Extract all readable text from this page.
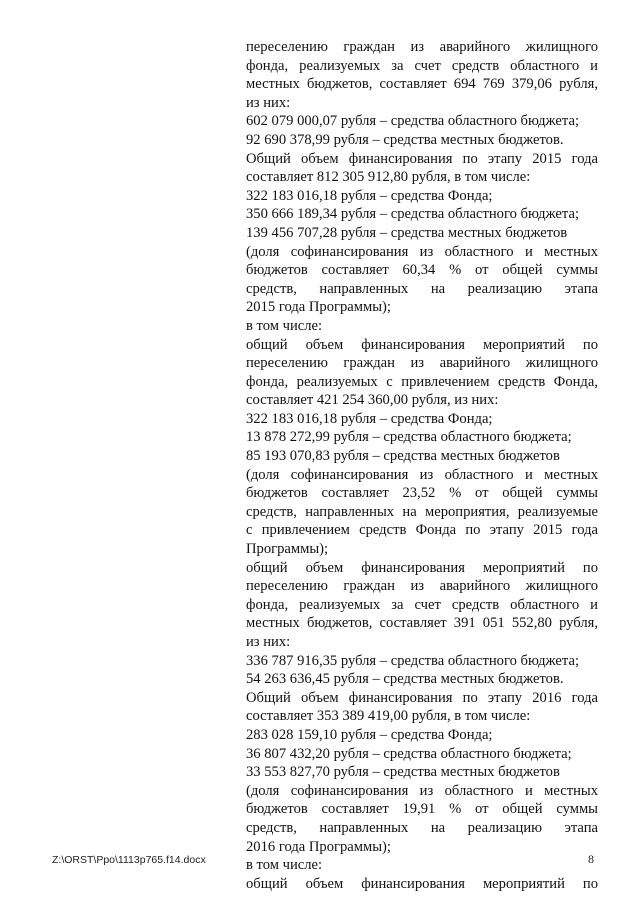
переселению граждан из аварийного жилищного

фонда, реализуемых за счет средств областного и

местных бюджетов, составляет 694 769 379,06 рубля,

из них:

602 079 000,07 рубля – средства областного бюджета;

92 690 378,99 рубля – средства местных бюджетов.

Общий объем финансирования по этапу 2015 года

составляет 812 305 912,80 рубля, в том числе:

322 183 016,18 рубля – средства Фонда;

350 666 189,34 рубля – средства областного бюджета;

139 456 707,28 рубля – средства местных бюджетов

(доля софинансирования из областного и местных

бюджетов составляет 60,34 % от общей суммы

средств, направленных на реализацию этапа

2015 года Программы);

в том числе:

общий объем финансирования мероприятий по

переселению граждан из аварийного жилищного

фонда, реализуемых с привлечением средств Фонда,

составляет 421 254 360,00 рубля, из них:

322 183 016,18 рубля – средства Фонда;

13 878 272,99 рубля – средства областного бюджета;

85 193 070,83 рубля – средства местных бюджетов

(доля софинансирования из областного и местных

бюджетов составляет 23,52 % от общей суммы

средств, направленных на мероприятия, реализуемые

с привлечением средств Фонда по этапу 2015 года

Программы);

общий объем финансирования мероприятий по

переселению граждан из аварийного жилищного

фонда, реализуемых за счет средств областного и

местных бюджетов, составляет 391 051 552,80 рубля,

из них:

336 787 916,35 рубля – средства областного бюджета;

54 263 636,45 рубля – средства местных бюджетов.

Общий объем финансирования по этапу 2016 года

составляет 353 389 419,00 рубля, в том числе:

283 028 159,10 рубля – средства Фонда;

36 807 432,20 рубля – средства областного бюджета;

33 553 827,70 рубля – средства местных бюджетов

(доля софинансирования из областного и местных

бюджетов составляет 19,91 % от общей суммы

средств, направленных на реализацию этапа

2016 года Программы);

в том числе:

общий объем финансирования мероприятий по

Z:\ORST\Ppo\1113p765.f14.docx	8
